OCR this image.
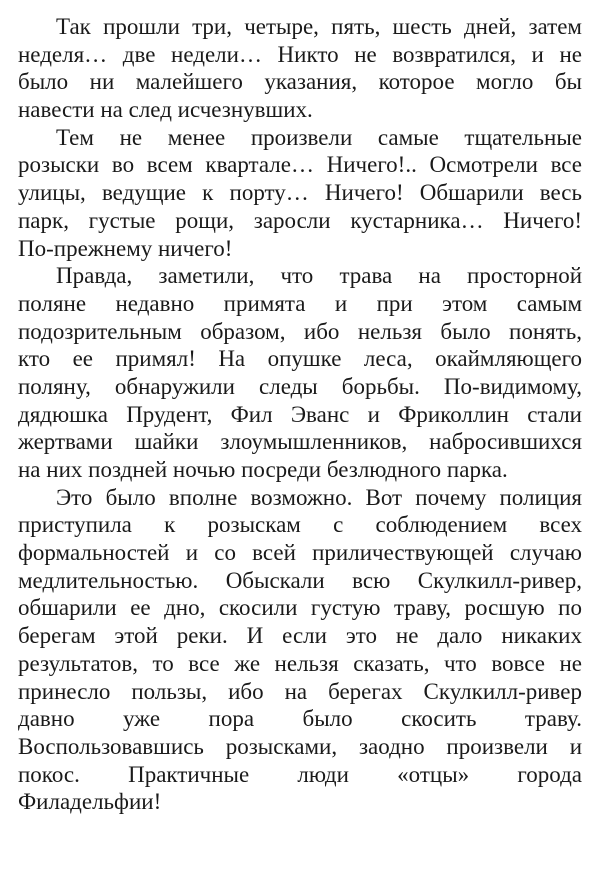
Так прошли три, четыре, пять, шесть дней, затем
неделя… две недели… Никто не возвратился, и не
было ни малейшего указания, которое могло бы
навести на след исчезнувших.
Тем не менее произвели самые тщательные
розыски во всем квартале… Ничего!.. Осмотрели все
улицы, ведущие к порту… Ничего! Обшарили весь
парк, густые рощи, заросли кустарника… Ничего!
По-прежнему ничего!
Правда, заметили, что трава на просторной
поляне недавно примята и при этом самым
подозрительным образом, ибо нельзя было понять,
кто ее примял! На опушке леса, окаймляющего
поляну, обнаружили следы борьбы. По-видимому,
дядюшка Прудент, Фил Эванс и Фриколлин стали
жертвами шайки злоумышленников, набросившихся
на них поздней ночью посреди безлюдного парка.
Это было вполне возможно. Вот почему полиция
приступила к розыскам с соблюдением всех
формальностей и со всей приличествующей случаю
медлительностью. Обыскали всю Скулкилл-ривер,
обшарили ее дно, скосили густую траву, росшую по
берегам этой реки. И если это не дало никаких
результатов, то все же нельзя сказать, что вовсе не
принесло пользы, ибо на берегах Скулкилл-ривер
давно уже пора было скосить траву.
Воспользовавшись розысками, заодно произвели и
покос. Практичные люди «отцы» города
Филадельфии!
